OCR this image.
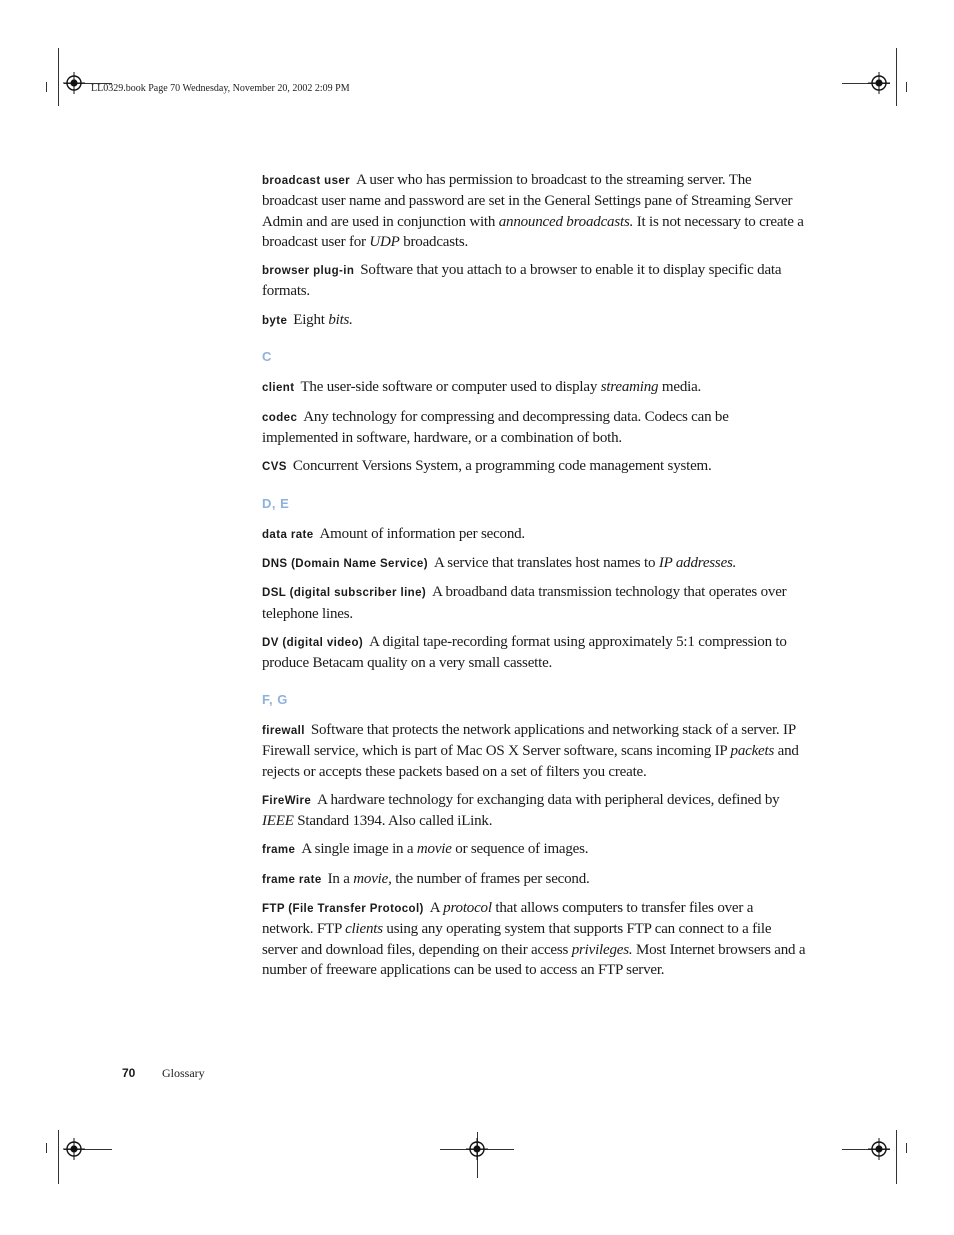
LL0329.book Page 70 Wednesday, November 20, 2002 2:09 PM
broadcast user A user who has permission to broadcast to the streaming server. The broadcast user name and password are set in the General Settings pane of Streaming Server Admin and are used in conjunction with announced broadcasts. It is not necessary to create a broadcast user for UDP broadcasts.
browser plug-in Software that you attach to a browser to enable it to display specific data formats.
byte Eight bits.
C
client The user-side software or computer used to display streaming media.
codec Any technology for compressing and decompressing data. Codecs can be implemented in software, hardware, or a combination of both.
CVS Concurrent Versions System, a programming code management system.
D, E
data rate Amount of information per second.
DNS (Domain Name Service) A service that translates host names to IP addresses.
DSL (digital subscriber line) A broadband data transmission technology that operates over telephone lines.
DV (digital video) A digital tape-recording format using approximately 5:1 compression to produce Betacam quality on a very small cassette.
F, G
firewall Software that protects the network applications and networking stack of a server. IP Firewall service, which is part of Mac OS X Server software, scans incoming IP packets and rejects or accepts these packets based on a set of filters you create.
FireWire A hardware technology for exchanging data with peripheral devices, defined by IEEE Standard 1394. Also called iLink.
frame A single image in a movie or sequence of images.
frame rate In a movie, the number of frames per second.
FTP (File Transfer Protocol) A protocol that allows computers to transfer files over a network. FTP clients using any operating system that supports FTP can connect to a file server and download files, depending on their access privileges. Most Internet browsers and a number of freeware applications can be used to access an FTP server.
70 Glossary
